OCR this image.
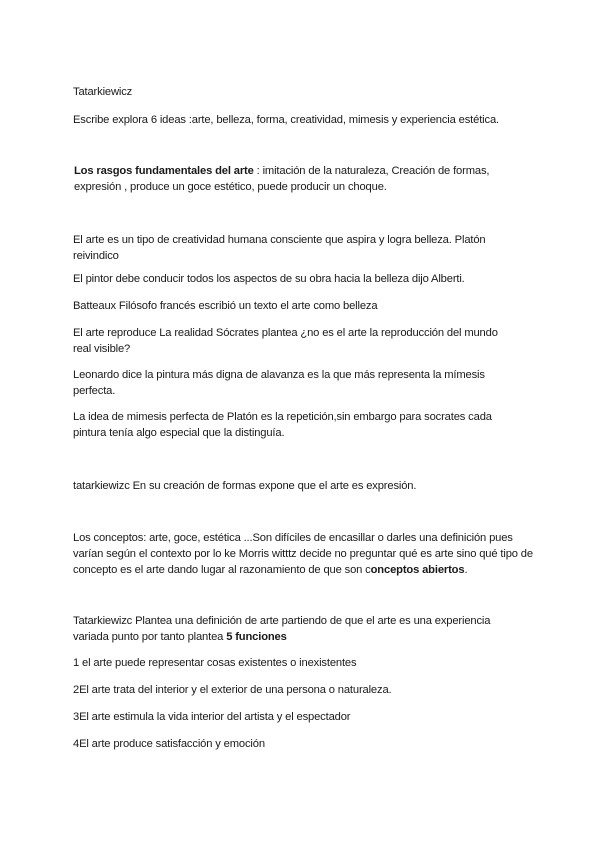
Tatarkiewicz

Escribe explora 6 ideas :arte, belleza, forma, creatividad, mimesis y experiencia estética.

Los rasgos fundamentales del arte : imitación de la naturaleza, Creación de formas, expresión , produce un goce estético, puede producir un choque.

El arte es un tipo de creatividad humana consciente que aspira y logra belleza. Platón reivindico

El pintor debe conducir todos los aspectos de su obra hacia la belleza dijo Alberti.

Batteaux Filósofo francés escribió un texto el arte como belleza

El arte reproduce La realidad Sócrates plantea ¿no es el arte la reproducción del mundo real visible?

Leonardo dice la pintura más digna de alavanza es la que más representa la mímesis perfecta.

La idea de mimesis perfecta de Platón es la repetición,sin embargo para socrates cada pintura tenía algo especial que la distinguía.

tatarkiewizc En su creación de formas expone que el arte es expresión.

Los conceptos: arte, goce, estética ...Son difíciles de encasillar o darles una definición pues varían según el contexto por lo ke Morris witttz decide no preguntar qué es arte sino qué tipo de concepto es el arte dando lugar al razonamiento de que son conceptos abiertos.

Tatarkiewizc Plantea una definición de arte partiendo de que el arte es una experiencia variada punto por tanto plantea 5 funciones

1 el arte puede representar cosas existentes o inexistentes

2El arte trata del interior y el exterior de una persona o naturaleza.

3El arte estimula la vida interior del artista y el espectador

4El arte produce satisfacción y emoción
